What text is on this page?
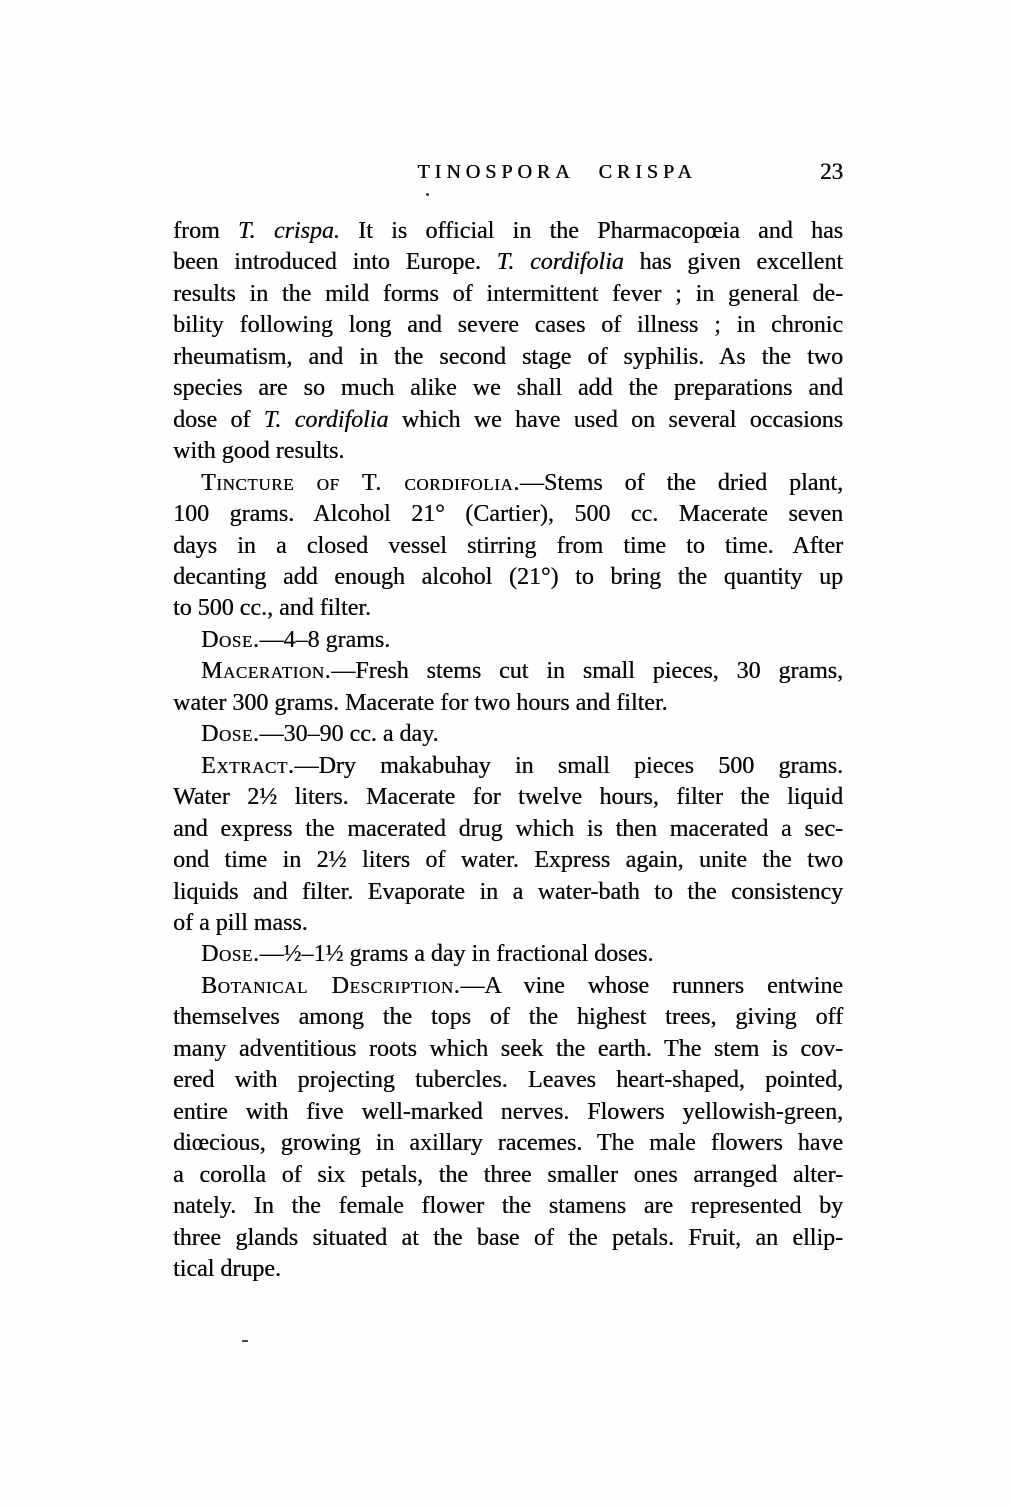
TINOSPORA CRISPA	23
from T. crispa. It is official in the Pharmacopœia and has
been introduced into Europe. T. cordifolia has given excellent
results in the mild forms of intermittent fever ; in general de-
bility following long and severe cases of illness ; in chronic
rheumatism, and in the second stage of syphilis. As the two
species are so much alike we shall add the preparations and
dose of T. cordifolia which we have used on several occasions
with good results.
Tincture of T. cordifolia.—Stems of the dried plant,
100 grams. Alcohol 21° (Cartier), 500 cc. Macerate seven
days in a closed vessel stirring from time to time. After
decanting add enough alcohol (21°) to bring the quantity up
to 500 cc., and filter.
Dose.—4–8 grams.
Maceration.—Fresh stems cut in small pieces, 30 grams,
water 300 grams. Macerate for two hours and filter.
Dose.—30–90 cc. a day.
Extract.—Dry makabuhay in small pieces 500 grams.
Water 2½ liters. Macerate for twelve hours, filter the liquid
and express the macerated drug which is then macerated a sec-
ond time in 2½ liters of water. Express again, unite the two
liquids and filter. Evaporate in a water-bath to the consistency
of a pill mass.
Dose.—½–1½ grams a day in fractional doses.
Botanical Description.—A vine whose runners entwine
themselves among the tops of the highest trees, giving off
many adventitious roots which seek the earth. The stem is cov-
ered with projecting tubercles. Leaves heart-shaped, pointed,
entire with five well-marked nerves. Flowers yellowish-green,
diœcious, growing in axillary racemes. The male flowers have
a corolla of six petals, the three smaller ones arranged alter-
nately. In the female flower the stamens are represented by
three glands situated at the base of the petals. Fruit, an ellip-
tical drupe.
